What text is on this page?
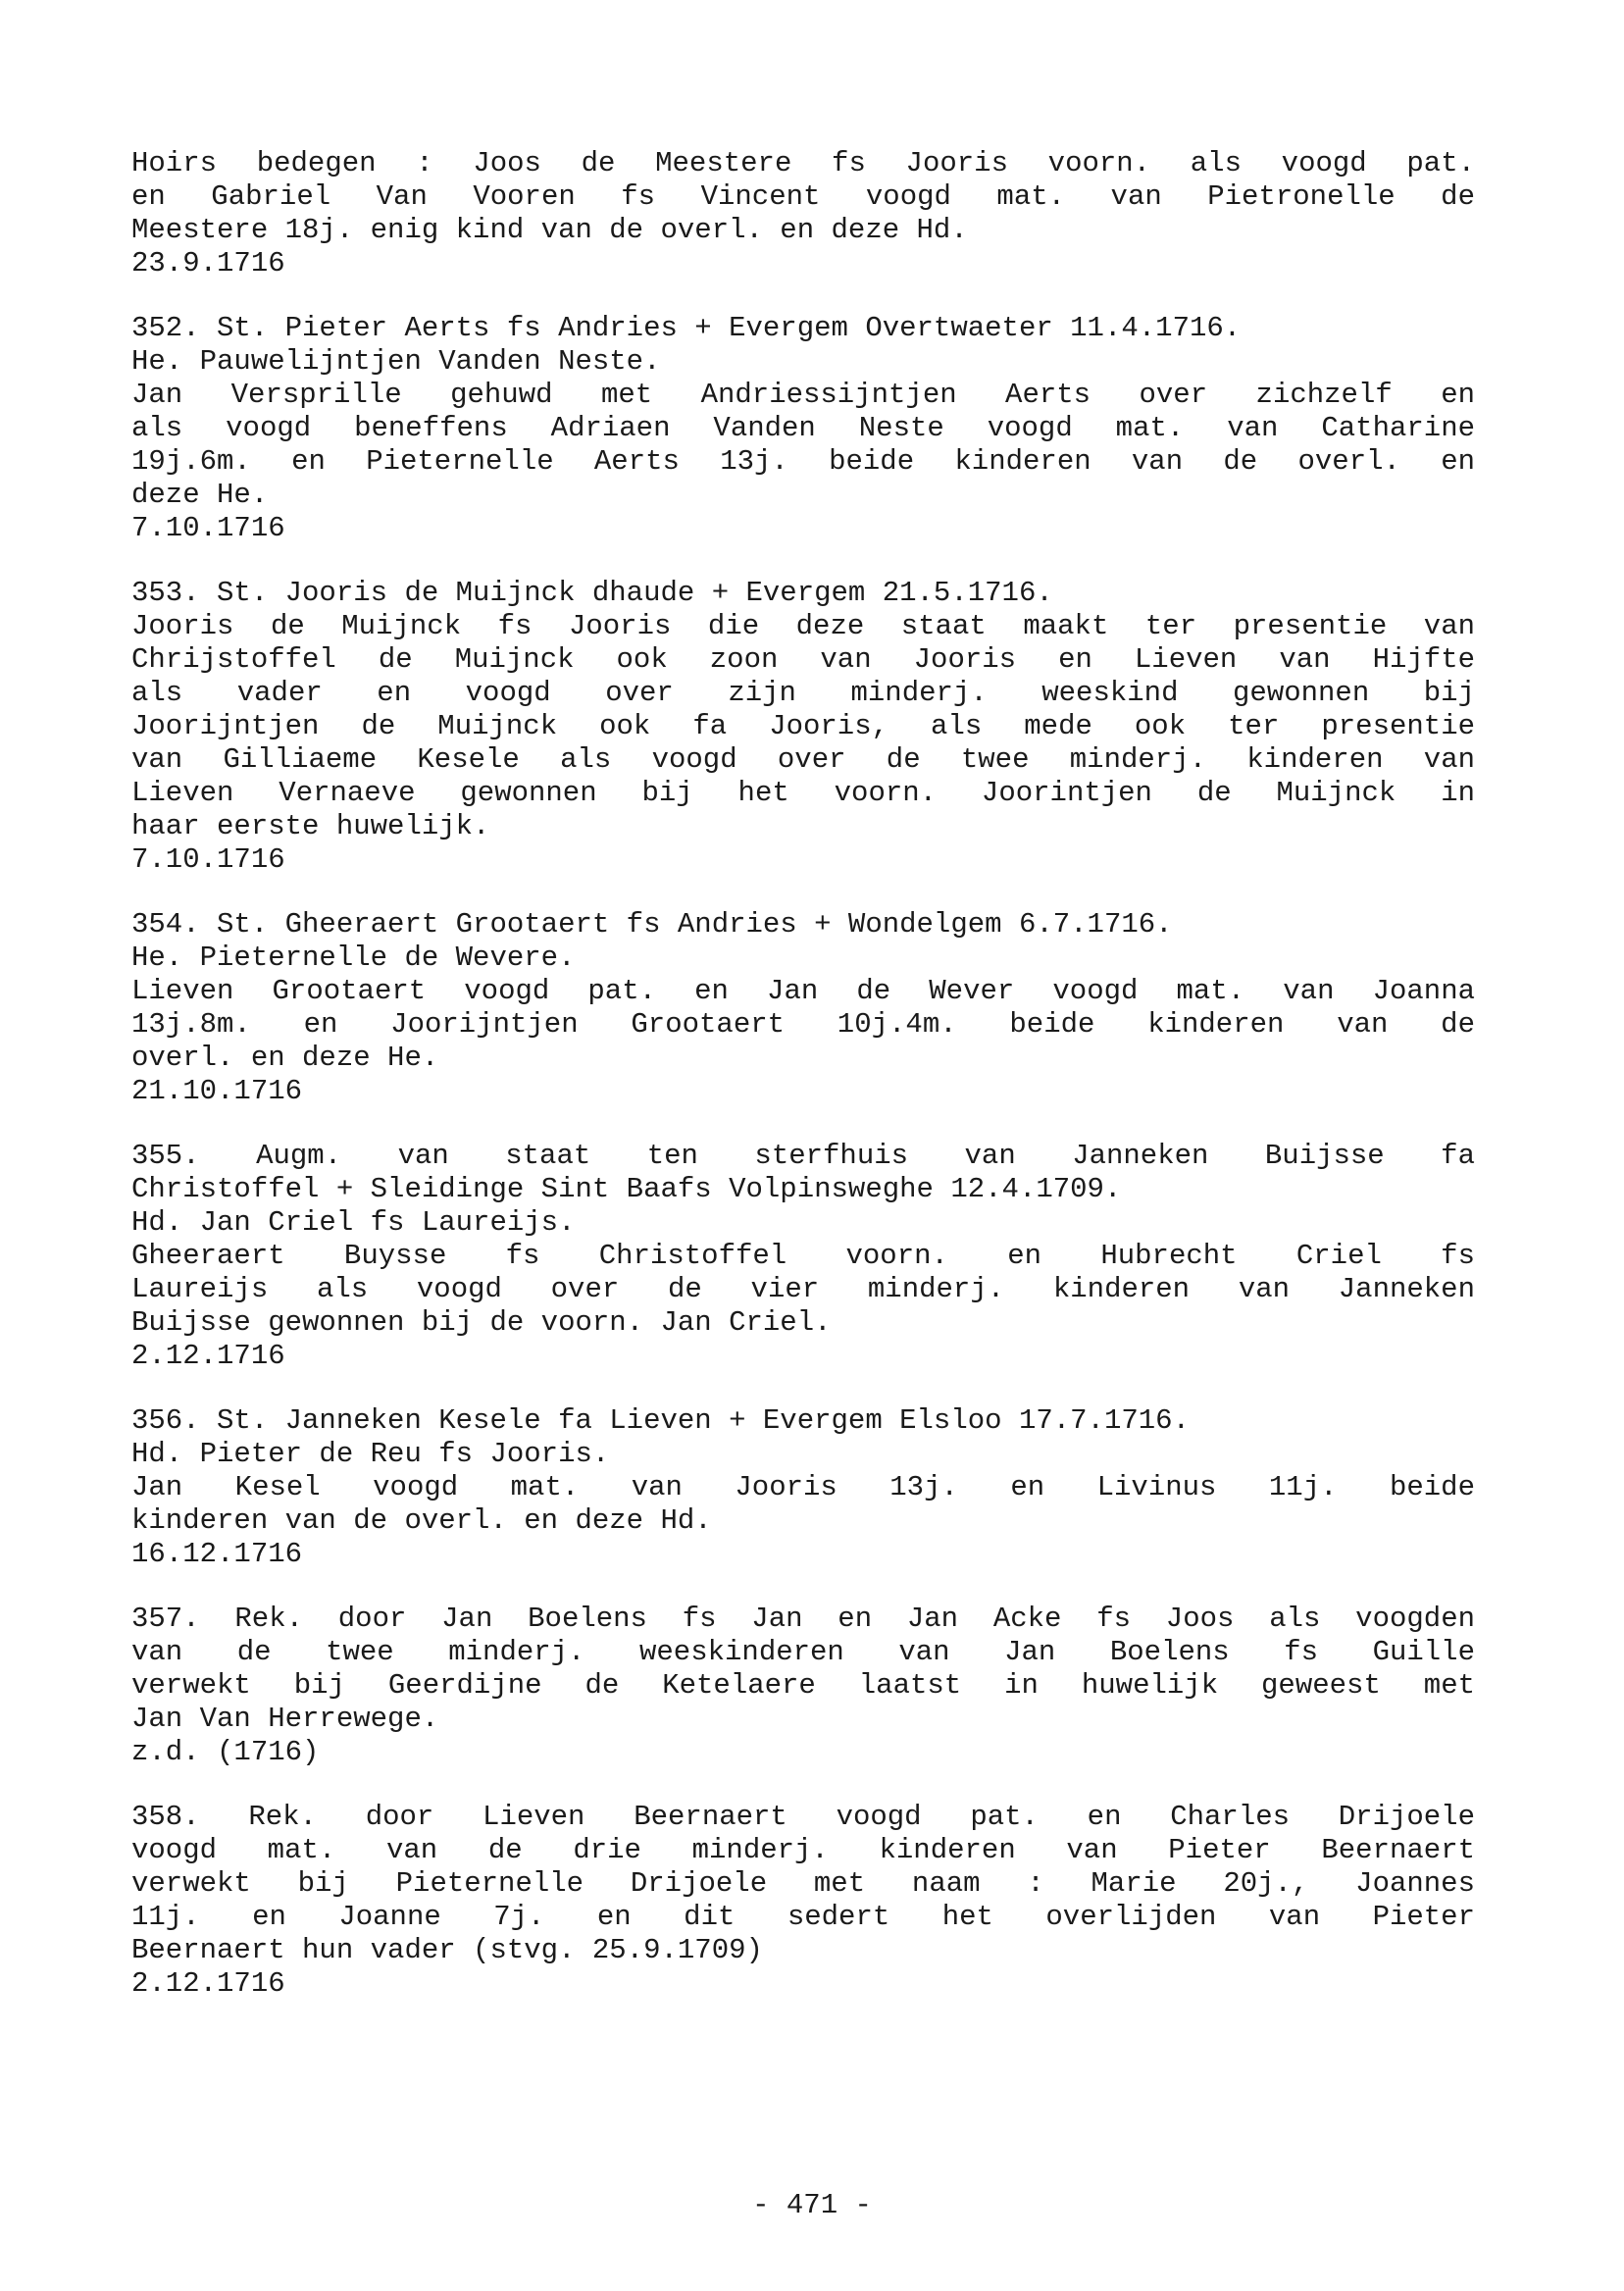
Hoirs bedegen : Joos de Meestere fs Jooris voorn. als voogd pat.
en Gabriel Van Vooren fs Vincent voogd mat. van Pietronelle de
Meestere 18j. enig kind van de overl. en deze Hd.
23.9.1716
352. St. Pieter Aerts fs Andries + Evergem Overtwaeter 11.4.1716.
He. Pauwelijntjen Vanden Neste.
Jan Versprille gehuwd met Andriessijntjen Aerts over zichzelf en
als voogd beneffens Adriaen Vanden Neste voogd mat. van Catharine
19j.6m. en Pieternelle Aerts 13j. beide kinderen van de overl. en
deze He.
7.10.1716
353. St. Jooris de Muijnck dhaude + Evergem 21.5.1716.
Jooris de Muijnck fs Jooris die deze staat maakt ter presentie van
Chrijstoffel de Muijnck ook zoon van Jooris en Lieven van Hijfte
als vader en voogd over zijn minderj. weeskind gewonnen bij
Joorijntjen de Muijnck ook fa Jooris, als mede ook ter presentie
van Gilliaeme Kesele als voogd over de twee minderj. kinderen van
Lieven Vernaeve gewonnen bij het voorn. Joorintjen de Muijnck in
haar eerste huwelijk.
7.10.1716
354. St. Gheeraert Grootaert fs Andries + Wondelgem 6.7.1716.
He. Pieternelle de Wevere.
Lieven Grootaert voogd pat. en Jan de Wever voogd mat. van Joanna
13j.8m. en Joorijntjen Grootaert 10j.4m. beide kinderen van de
overl. en deze He.
21.10.1716
355. Augm. van staat ten sterfhuis van Janneken Buijsse fa
Christoffel + Sleidinge Sint Baafs Volpinsweghe 12.4.1709.
Hd. Jan Criel fs Laureijs.
Gheeraert Buysse fs Christoffel voorn. en Hubrecht Criel fs
Laureijs als voogd over de vier minderj. kinderen van Janneken
Buijsse gewonnen bij de voorn. Jan Criel.
2.12.1716
356. St. Janneken Kesele fa Lieven + Evergem Elsloo 17.7.1716.
Hd. Pieter de Reu fs Jooris.
Jan Kesel voogd mat. van Jooris 13j. en Livinus 11j. beide
kinderen van de overl. en deze Hd.
16.12.1716
357. Rek. door Jan Boelens fs Jan en Jan Acke fs Joos als voogden
van de twee minderj. weeskinderen van Jan Boelens fs Guille
verwekt bij Geerdijne de Ketelaere laatst in huwelijk geweest met
Jan Van Herrewege.
z.d. (1716)
358. Rek. door Lieven Beernaert voogd pat. en Charles Drijoele
voogd mat. van de drie minderj. kinderen van Pieter Beernaert
verwekt bij Pieternelle Drijoele met naam : Marie 20j., Joannes
11j. en Joanne 7j. en dit sedert het overlijden van Pieter
Beernaert hun vader (stvg. 25.9.1709)
2.12.1716
- 471 -
